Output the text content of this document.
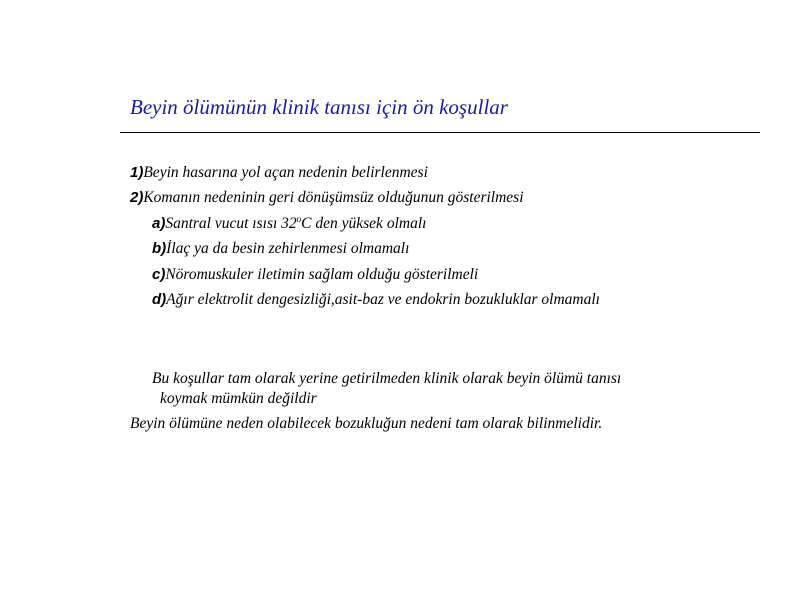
Beyin ölümünün klinik tanısı için ön koşullar
1)Beyin hasarına yol açan nedenin belirlenmesi
2)Komanın nedeninin geri dönüşümsüz olduğunun gösterilmesi
a)Santral vucut ısısı 32$^o$C den yüksek olmalı
b)İlaç ya da besin zehirlenmesi olmamalı
c)Nöromuskuler iletimin sağlam olduğu gösterilmeli
d)Ağır elektrolit dengesizliği,asit-baz ve endokrin bozukluklar olmamalı
Bu koşullar tam olarak yerine getirilmeden klinik olarak beyin ölümü tanısı
koymak mümkün değildir
Beyin ölümüne neden olabilecek bozukluğun nedeni tam olarak bilinmelidir.
